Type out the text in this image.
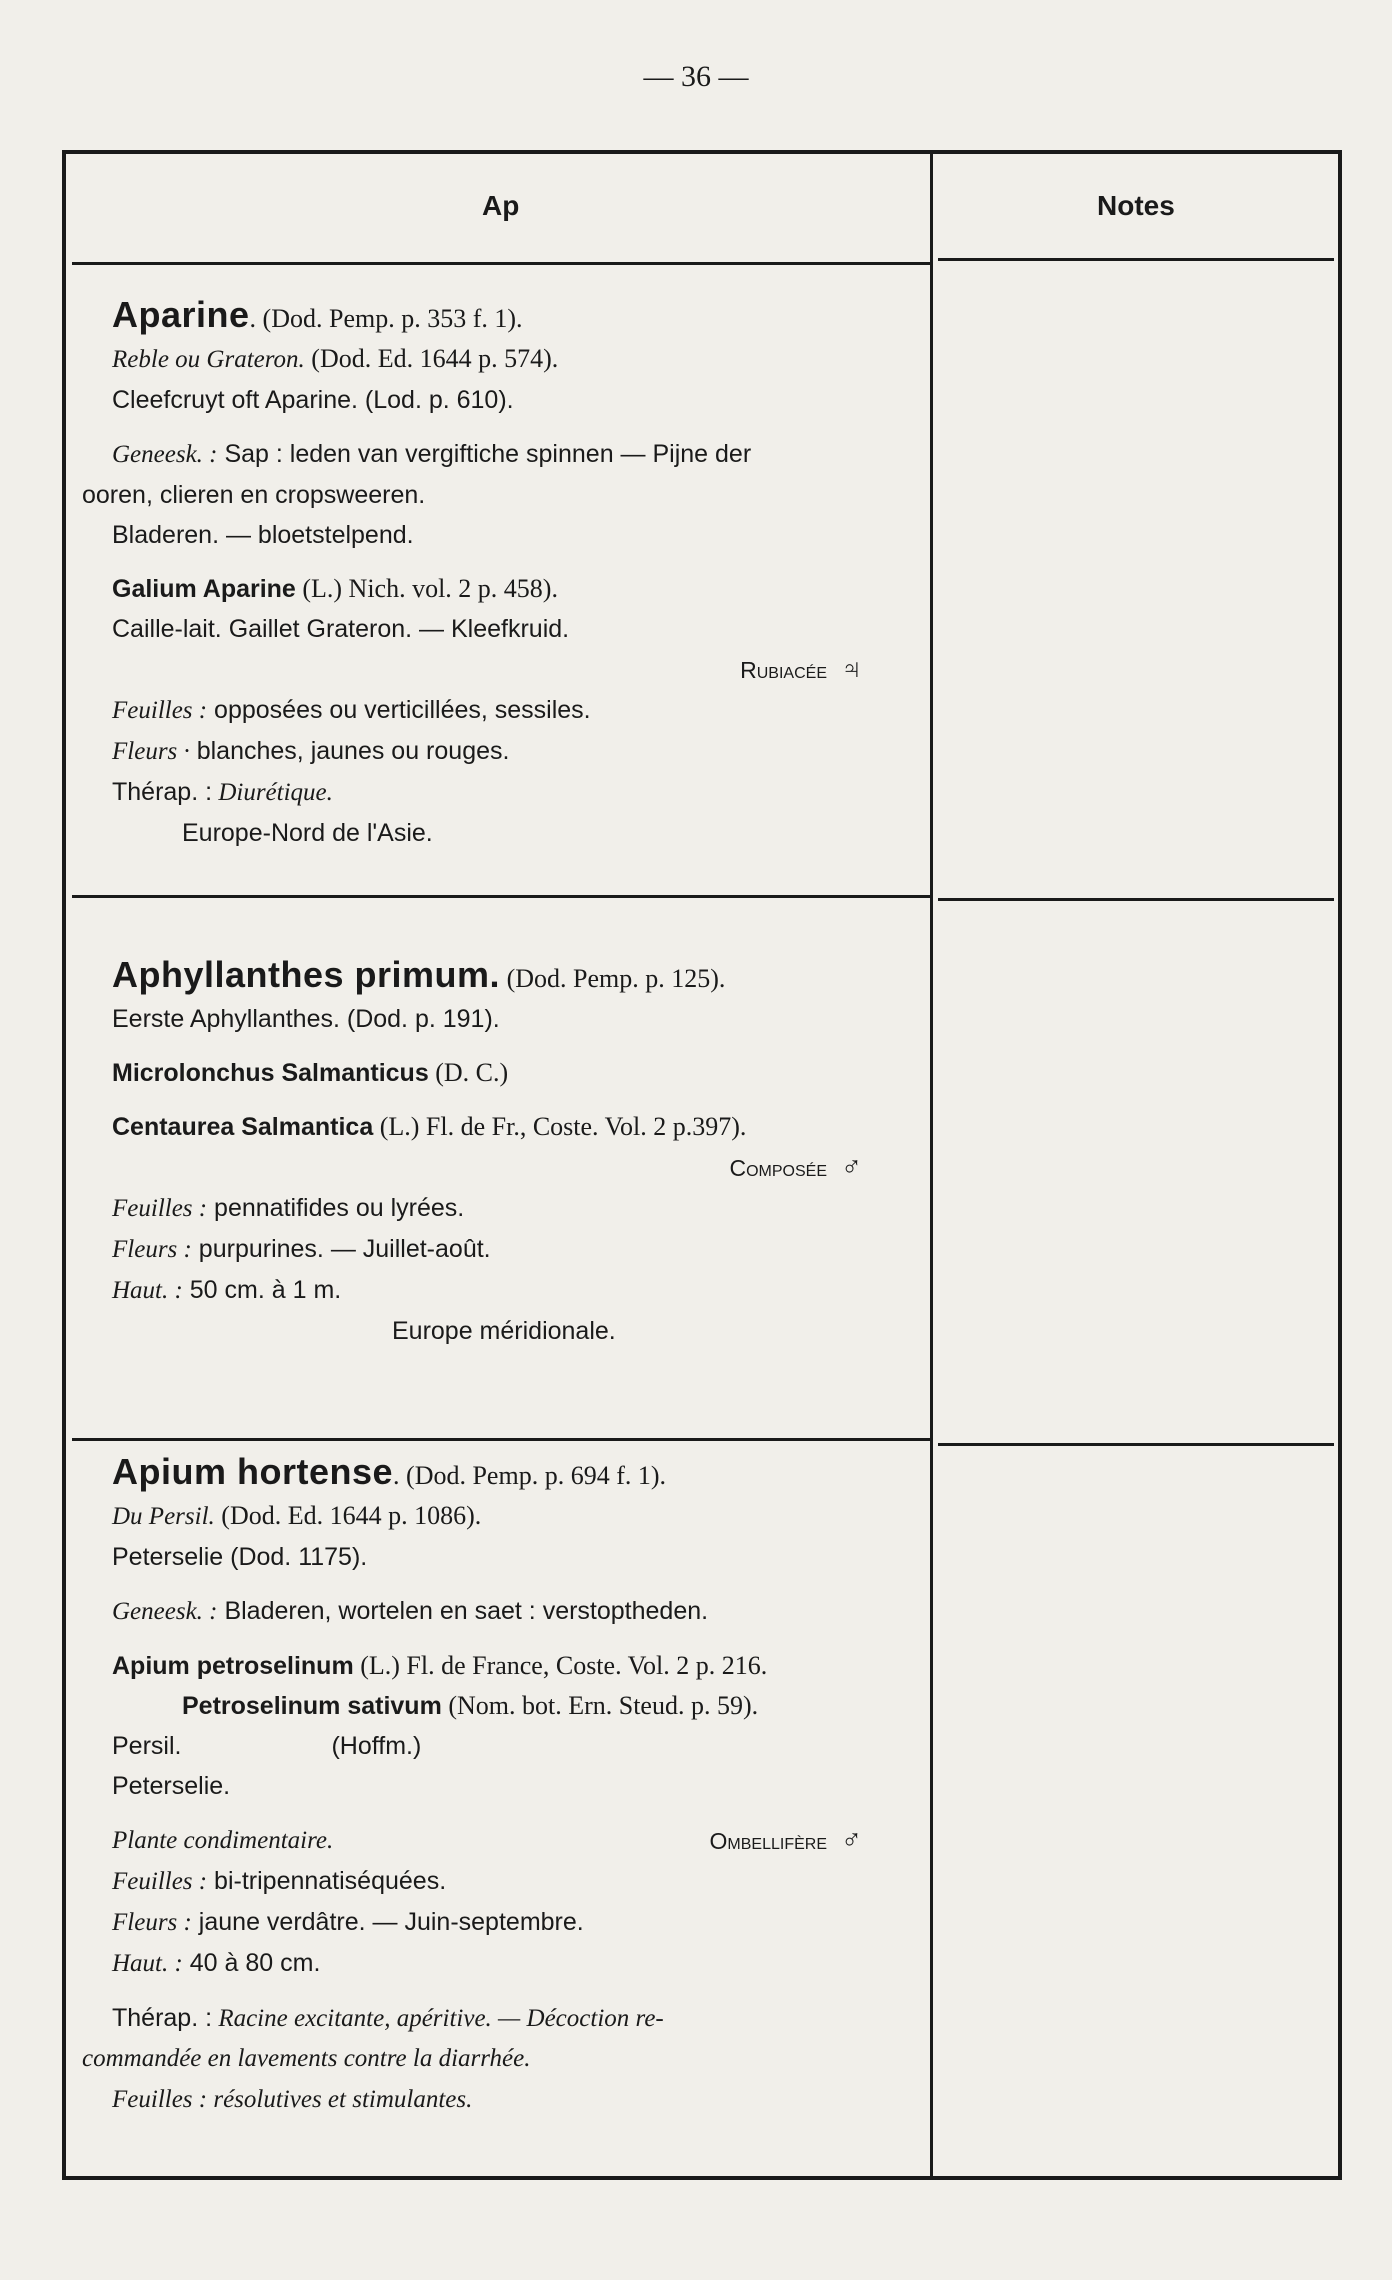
— 36 —
Ap	Notes
Aparine. (Dod. Pemp. p. 353 f. 1).
Reble ou Grateron. (Dod. Ed. 1644 p. 574).
Cleefcruyt oft Aparine. (Lod. p. 610).
Geneesk. : Sap : leden van vergiftiche spinnen — Pijne der
ooren, clieren en cropsweeren.
Bladeren. — bloetstelpend.
Galium Aparine (L.) Nich. vol. 2 p. 458).
Caille-lait. Gaillet Grateron. — Kleefkruid.
Rubiacée ♃
Feuilles : opposées ou verticillées, sessiles.
Fleurs · blanches, jaunes ou rouges.
Thérap. : Diurétique.
Europe-Nord de l'Asie.
Aphyllanthes primum. (Dod. Pemp. p. 125).
Eerste Aphyllanthes. (Dod. p. 191).
Microlonchus Salmanticus (D. C.)
Centaurea Salmantica (L.) Fl. de Fr., Coste. Vol. 2 p.397).
Composée ♂
Feuilles : pennatifides ou lyrées.
Fleurs : purpurines. — Juillet-août.
Haut. : 50 cm. à 1 m.
Europe méridionale.
Apium hortense. (Dod. Pemp. p. 694 f. 1).
Du Persil. (Dod. Ed. 1644 p. 1086).
Peterselie (Dod. 1175).
Geneesk. : Bladeren, wortelen en saet : verstoptheden.
Apium petroselinum (L.) Fl. de France, Coste. Vol. 2 p. 216.
Petroselinum sativum (Nom. bot. Ern. Steud. p. 59).
Persil.	(Hoffm.)
Peterselie.
Plante condimentaire.	Ombellifère ♂
Feuilles : bi-tripennatiséquées.
Fleurs : jaune verdâtre. — Juin-septembre.
Haut. : 40 à 80 cm.
Thérap. : Racine excitante, apéritive. — Décoction re-
commandée en lavements contre la diarrhée.
Feuilles : résolutives et stimulantes.
